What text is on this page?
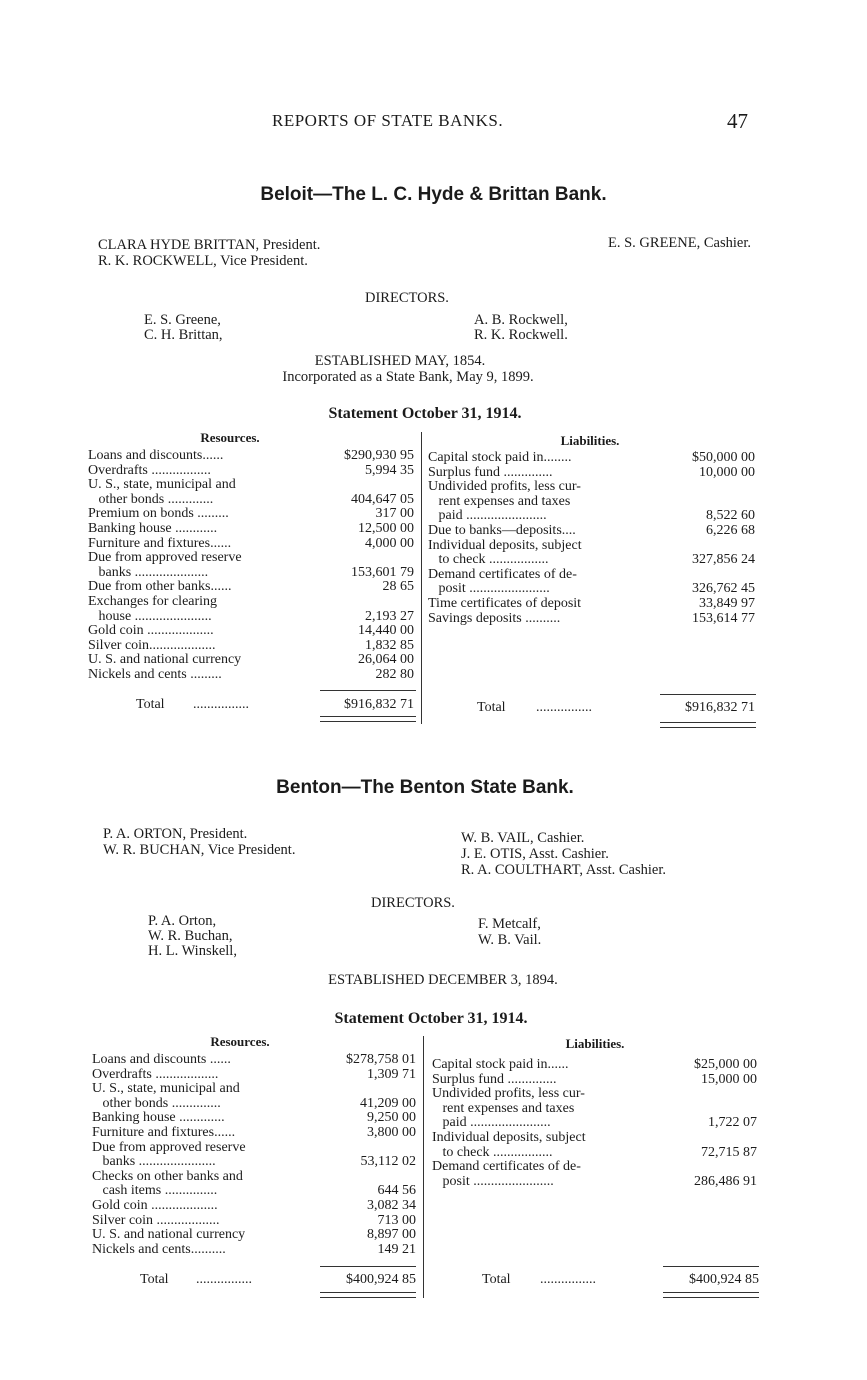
REPORTS OF STATE BANKS.	47
Beloit—The L. C. Hyde & Brittan Bank.
CLARA HYDE BRITTAN, President.
R. K. ROCKWELL, Vice President.
E. S. GREENE, Cashier.
DIRECTORS.
E. S. Greene,
C. H. Brittan,
A. B. Rockwell,
R. K. Rockwell.
ESTABLISHED MAY, 1854.
Incorporated as a State Bank, May 9, 1899.
Statement October 31, 1914.
Resources.	Liabilities.
Loans and discounts......	$290,930 95
Overdrafts .................	5,994 35
U. S., state, municipal and
other bonds .............	404,647 05
Premium on bonds .........	317 00
Banking house ............	12,500 00
Furniture and fixtures......	4,000 00
Due from approved reserve
banks .....................	153,601 79
Due from other banks......	28 65
Exchanges for clearing
house ......................	2,193 27
Gold coin ...................	14,440 00
Silver coin...................	1,832 85
U. S. and national currency	26,064 00
Nickels and cents .........	282 80
Capital stock paid in........	$50,000 00
Surplus fund ..............	10,000 00
Undivided profits, less cur-
rent expenses and taxes
paid .......................	8,522 60
Due to banks—deposits....	6,226 68
Individual deposits, subject
to check .................	327,856 24
Demand certificates of de-
posit .......................	326,762 45
Time certificates of deposit	33,849 97
Savings deposits ..........	153,614 77
Total ................	$916,832 71	Total ................	$916,832 71
Benton—The Benton State Bank.
P. A. ORTON, President.
W. R. BUCHAN, Vice President.
W. B. VAIL, Cashier.
J. E. OTIS, Asst. Cashier.
R. A. COULTHART, Asst. Cashier.
DIRECTORS.
P. A. Orton,
W. R. Buchan,
H. L. Winskell,
F. Metcalf,
W. B. Vail.
ESTABLISHED DECEMBER 3, 1894.
Statement October 31, 1914.
Resources.	Liabilities.
Loans and discounts ......	$278,758 01
Overdrafts ..................	1,309 71
U. S., state, municipal and
other bonds ..............	41,209 00
Banking house .............	9,250 00
Furniture and fixtures......	3,800 00
Due from approved reserve
banks ......................	53,112 02
Checks on other banks and
cash items ...............	644 56
Gold coin ...................	3,082 34
Silver coin ..................	713 00
U. S. and national currency	8,897 00
Nickels and cents..........	149 21
Capital stock paid in......	$25,000 00
Surplus fund ..............	15,000 00
Undivided profits, less cur-
rent expenses and taxes
paid .......................	1,722 07
Individual deposits, subject
to check .................	72,715 87
Demand certificates of de-
posit .......................	286,486 91
Total ................	$400,924 85	Total ................	$400,924 85
